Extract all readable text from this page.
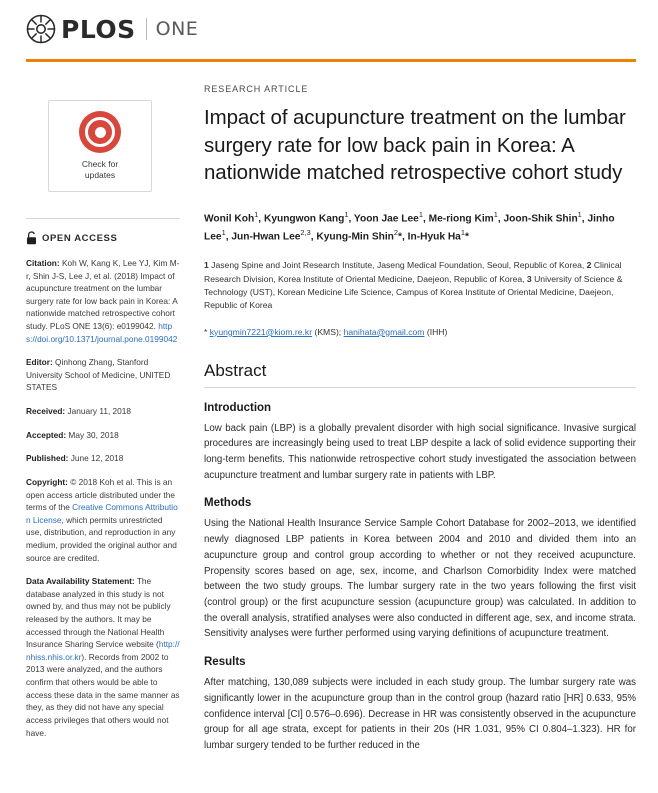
PLOS ONE
Check for
updates
OPEN ACCESS
Citation: Koh W, Kang K, Lee YJ, Kim M-r, Shin J-S, Lee J, et al. (2018) Impact of acupuncture treatment on the lumbar surgery rate for low back pain in Korea: A nationwide matched retrospective cohort study. PLoS ONE 13(6): e0199042. https://doi.org/10.1371/journal.pone.0199042
Editor: Qinhong Zhang, Stanford University School of Medicine, UNITED STATES
Received: January 11, 2018
Accepted: May 30, 2018
Published: June 12, 2018
Copyright: © 2018 Koh et al. This is an open access article distributed under the terms of the Creative Commons Attribution License, which permits unrestricted use, distribution, and reproduction in any medium, provided the original author and source are credited.
Data Availability Statement: The database analyzed in this study is not owned by, and thus may not be publicly released by the authors. It may be accessed through the National Health Insurance Sharing Service website (http://nhiss.nhis.or.kr). Records from 2002 to 2013 were analyzed, and the authors confirm that others would be able to access these data in the same manner as they, as they did not have any special access privileges that others would not have.
RESEARCH ARTICLE
Impact of acupuncture treatment on the lumbar surgery rate for low back pain in Korea: A nationwide matched retrospective cohort study
Wonil Koh$^1$, Kyungwon Kang$^1$, Yoon Jae Lee$^1$, Me-riong Kim$^1$, Joon-Shik Shin$^1$, Jinho Lee$^1$, Jun-Hwan Lee$^{2,3}$, Kyung-Min Shin$^2$*, In-Hyuk Ha$^1$*
1 Jaseng Spine and Joint Research Institute, Jaseng Medical Foundation, Seoul, Republic of Korea, 2 Clinical Research Division, Korea Institute of Oriental Medicine, Daejeon, Republic of Korea, 3 University of Science & Technology (UST), Korean Medicine Life Science, Campus of Korea Institute of Oriental Medicine, Daejeon, Republic of Korea
* kyungmin7221@kiom.re.kr (KMS); hanihata@gmail.com (IHH)
Abstract
Introduction

Low back pain (LBP) is a globally prevalent disorder with high social significance. Invasive surgical procedures are increasingly being used to treat LBP despite a lack of solid evidence supporting their long-term benefits. This nationwide retrospective cohort study investigated the association between acupuncture treatment and lumbar surgery rate in patients with LBP.

Methods

Using the National Health Insurance Service Sample Cohort Database for 2002–2013, we identified newly diagnosed LBP patients in Korea between 2004 and 2010 and divided them into an acupuncture group and control group according to whether or not they received acupuncture. Propensity scores based on age, sex, income, and Charlson Comorbidity Index were matched between the two study groups. The lumbar surgery rate in the two years following the first visit (control group) or the first acupuncture session (acupuncture group) was calculated. In addition to the overall analysis, stratified analyses were also conducted in different age, sex, and income strata. Sensitivity analyses were further performed using varying definitions of acupuncture treatment.

Results

After matching, 130,089 subjects were included in each study group. The lumbar surgery rate was significantly lower in the acupuncture group than in the control group (hazard ratio [HR] 0.633, 95% confidence interval [CI] 0.576–0.696). Decrease in HR was consistently observed in the acupuncture group for all age strata, except for patients in their 20s (HR 1.031, 95% CI 0.804–1.323). HR for lumbar surgery tended to be further reduced in the
